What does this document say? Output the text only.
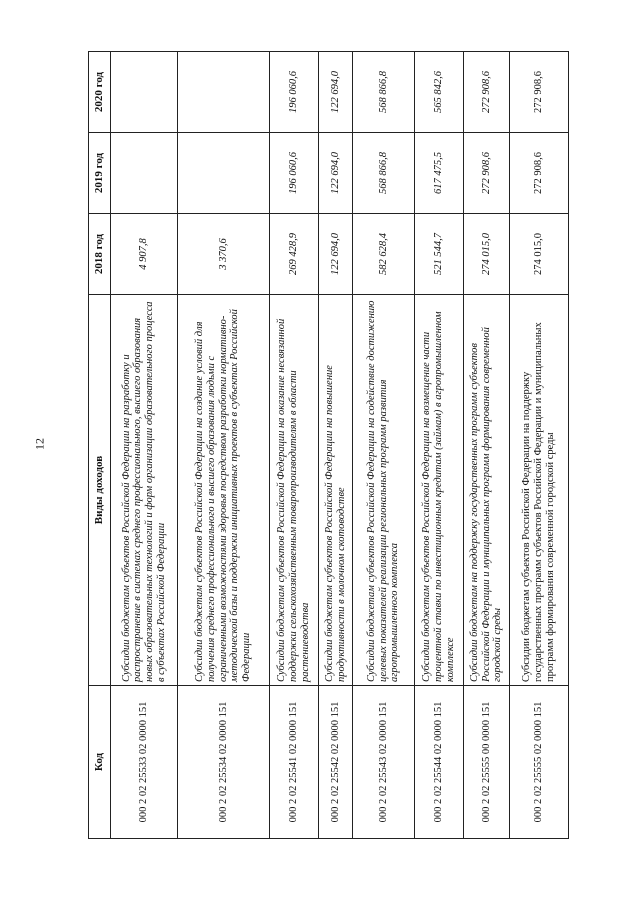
12
Код	Виды доходов	2018 год	2019 год	2020 год
000 2 02 25533 02 0000 151	Субсидии бюджетам субъектов Российской Федерации на разработку и распространение в системах среднего профессионального, высшего образования новых образовательных технологий и форм организации образовательного процесса в субъектах Российской Федерации	4 907,8		
000 2 02 25534 02 0000 151	Субсидии бюджетам субъектов Российской Федерации на создание условий для получения среднего профессионального и высшего образования людьми с ограниченными возможностями здоровья посредством разработки нормативно-методической базы и поддержки инициативных проектов в субъектах Российской Федерации	3 370,6		
000 2 02 25541 02 0000 151	Субсидии бюджетам субъектов Российской Федерации на оказание несвязанной поддержки сельскохозяйственным товаропроизводителям в области растениеводства	269 428,9	196 060,6	196 060,6
000 2 02 25542 02 0000 151	Субсидии бюджетам субъектов Российской Федерации на повышение продуктивности в молочном скотоводстве	122 694,0	122 694,0	122 694,0
000 2 02 25543 02 0000 151	Субсидии бюджетам субъектов Российской Федерации на содействие достижению целевых показателей реализации региональных программ развития агропромышленного комплекса	582 628,4	568 866,8	568 866,8
000 2 02 25544 02 0000 151	Субсидии бюджетам субъектов Российской Федерации на возмещение части процентной ставки по инвестиционным кредитам (займам) в агропромышленном комплексе	521 544,7	617 475,5	565 842,6
000 2 02 25555 00 0000 151	Субсидии бюджетам на поддержку государственных программ субъектов Российской Федерации и муниципальных программ формирования современной городской среды	274 015,0	272 908,6	272 908,6
000 2 02 25555 02 0000 151	Субсидии бюджетам субъектов Российской Федерации на поддержку государственных программ субъектов Российской Федерации и муниципальных программ формирования современной городской среды	274 015,0	272 908,6	272 908,6
